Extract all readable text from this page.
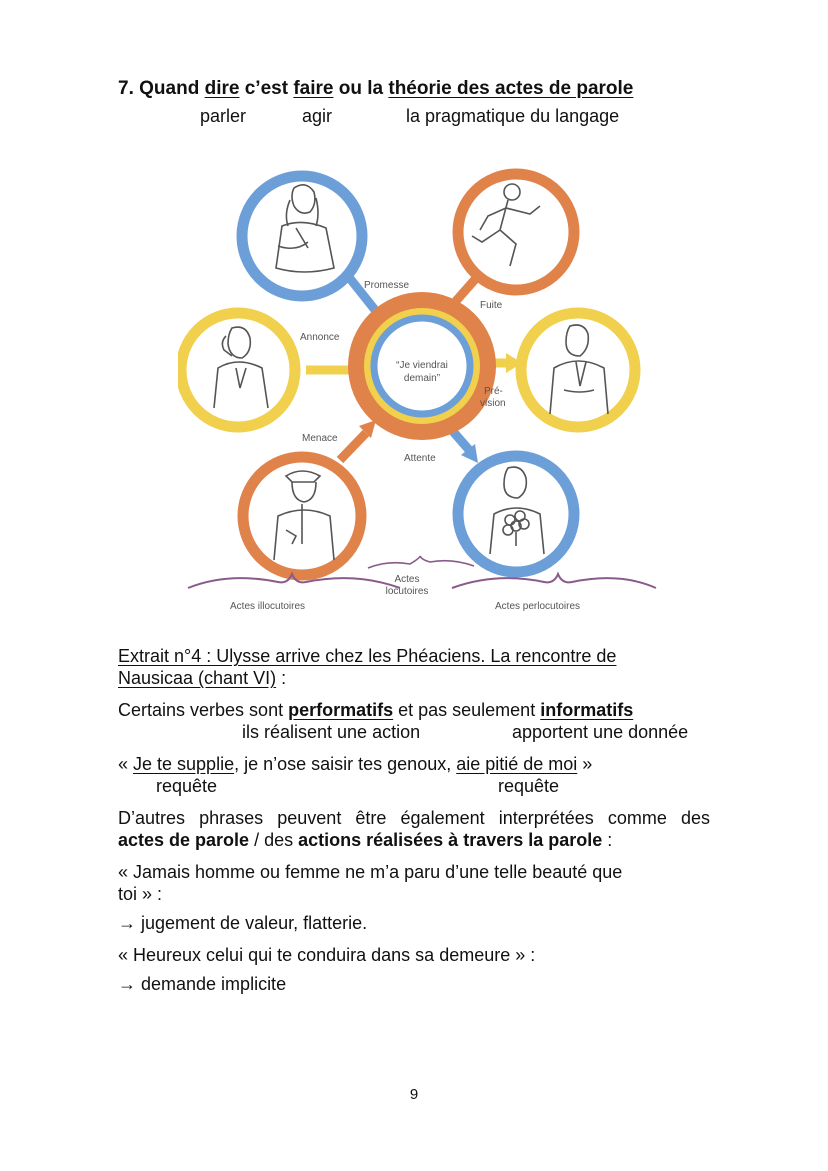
7. Quand dire c’est faire ou la théorie des actes de parole
parler	agir	la pragmatique du langage
“Je viendrai
demain”
Promesse
Fuite
Annonce
Pré-
vision
Menace
Attente
Actes illocutoires
Actes
locutoires
Actes perlocutoires
Extrait n°4 : Ulysse arrive chez les Phéaciens. La rencontre de
Nausicaa (chant VI) :
Certains verbes sont performatifs et pas seulement informatifs
ils réalisent une action	apportent une donnée
« Je te supplie, je n’ose saisir tes genoux, aie pitié de moi »
requête	requête
D’autres phrases peuvent être également interprétées comme des
actes de parole / des actions réalisées à travers la parole :
« Jamais homme ou femme ne m’a paru d’une telle beauté que
toi » :
→ jugement de valeur, flatterie.
« Heureux celui qui te conduira dans sa demeure » :
→ demande implicite
9
